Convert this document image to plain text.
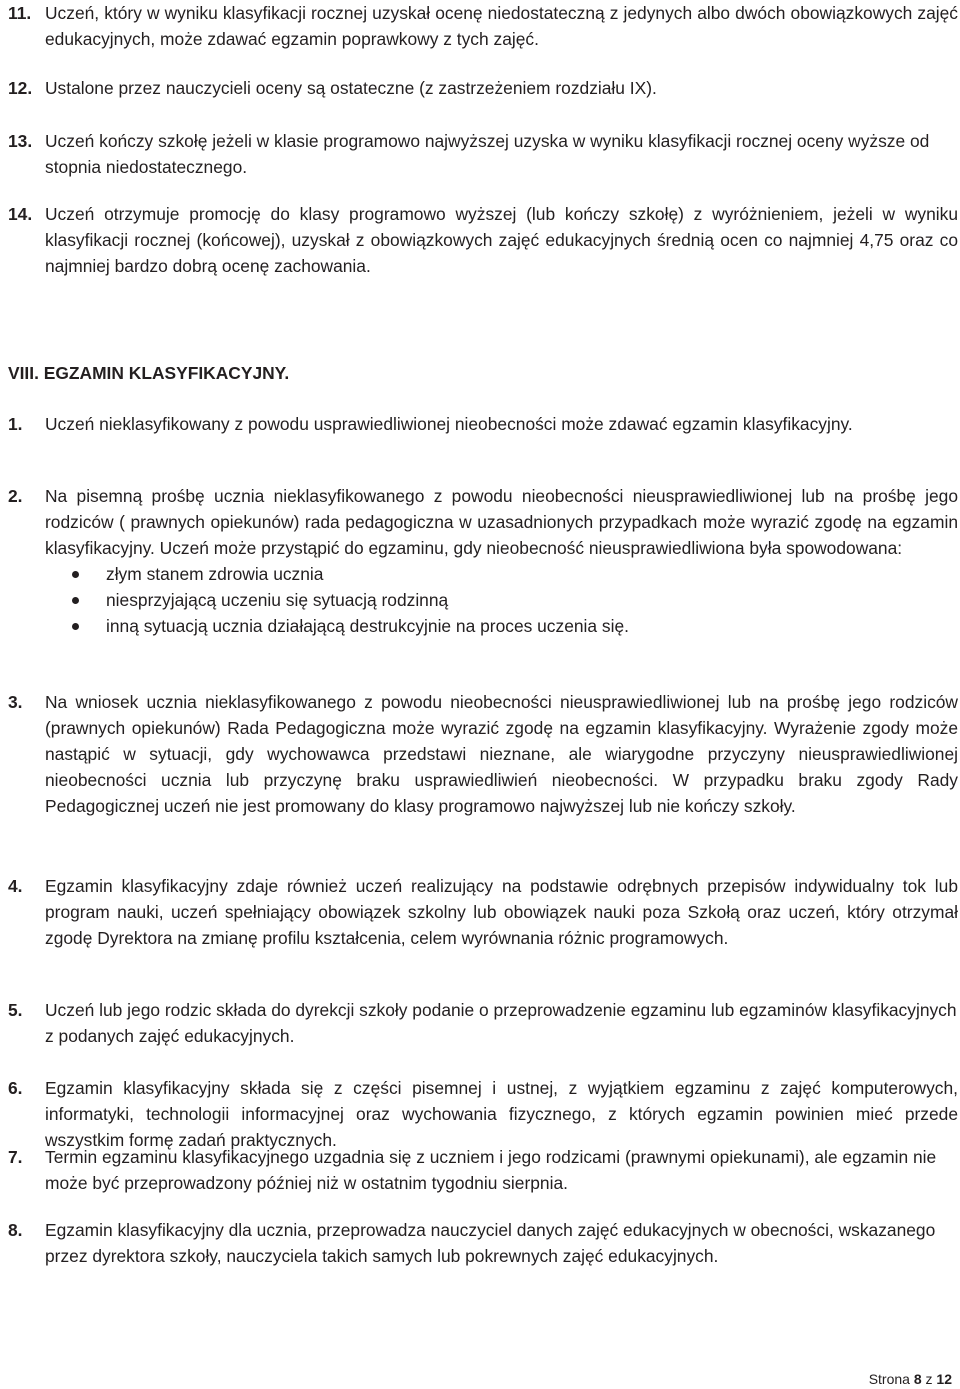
11. Uczeń, który w wyniku klasyfikacji rocznej uzyskał ocenę niedostateczną z jedynych albo dwóch obowiązkowych zajęć edukacyjnych, może zdawać egzamin poprawkowy z tych zajęć.
12. Ustalone przez nauczycieli oceny są ostateczne (z zastrzeżeniem rozdziału IX).
13. Uczeń kończy szkołę jeżeli w klasie programowo najwyższej uzyska w wyniku klasyfikacji rocznej oceny wyższe od stopnia niedostatecznego.
14. Uczeń otrzymuje promocję do klasy programowo wyższej (lub kończy szkołę) z wyróżnieniem, jeżeli w wyniku klasyfikacji rocznej (końcowej), uzyskał z obowiązkowych zajęć edukacyjnych średnią ocen co najmniej 4,75 oraz co najmniej bardzo dobrą ocenę zachowania.
VIII. EGZAMIN KLASYFIKACYJNY.
1. Uczeń nieklasyfikowany z powodu usprawiedliwionej nieobecności może zdawać egzamin klasyfikacyjny.
2. Na pisemną prośbę ucznia nieklasyfikowanego z powodu nieobecności nieusprawiedliwionej lub na prośbę jego rodziców ( prawnych opiekunów) rada pedagogiczna w uzasadnionych przypadkach może wyrazić zgodę na egzamin klasyfikacyjny. Uczeń może przystąpić do egzaminu, gdy nieobecność nieusprawiedliwiona była spowodowana:
złym stanem zdrowia ucznia
niesprzyjającą uczeniu się sytuacją rodzinną
inną sytuacją ucznia działającą destrukcyjnie na proces uczenia się.
3. Na wniosek ucznia nieklasyfikowanego z powodu nieobecności nieusprawiedliwionej lub na prośbę jego rodziców (prawnych opiekunów) Rada Pedagogiczna może wyrazić zgodę na egzamin klasyfikacyjny. Wyrażenie zgody może nastąpić w sytuacji, gdy wychowawca przedstawi nieznane, ale wiarygodne przyczyny nieusprawiedliwionej nieobecności ucznia lub przyczynę braku usprawiedliwień nieobecności. W przypadku braku zgody Rady Pedagogicznej uczeń nie jest promowany do klasy programowo najwyższej lub nie kończy szkoły.
4. Egzamin klasyfikacyjny zdaje również uczeń realizujący na podstawie odrębnych przepisów indywidualny tok lub program nauki, uczeń spełniający obowiązek szkolny lub obowiązek nauki poza Szkołą oraz uczeń, który otrzymał zgodę Dyrektora na zmianę profilu kształcenia, celem wyrównania różnic programowych.
5. Uczeń lub jego rodzic składa do dyrekcji szkoły podanie o przeprowadzenie egzaminu lub egzaminów klasyfikacyjnych z podanych zajęć edukacyjnych.
6. Egzamin klasyfikacyjny składa się z części pisemnej i ustnej, z wyjątkiem egzaminu z zajęć komputerowych, informatyki, technologii informacyjnej oraz wychowania fizycznego, z których egzamin powinien mieć przede wszystkim formę zadań praktycznych.
7. Termin egzaminu klasyfikacyjnego uzgadnia się z uczniem i jego rodzicami (prawnymi opiekunami), ale egzamin nie może być przeprowadzony później niż w ostatnim tygodniu sierpnia.
8. Egzamin klasyfikacyjny dla ucznia, przeprowadza nauczyciel danych zajęć edukacyjnych w obecności, wskazanego przez dyrektora szkoły, nauczyciela takich samych lub pokrewnych zajęć edukacyjnych.
Strona 8 z 12
